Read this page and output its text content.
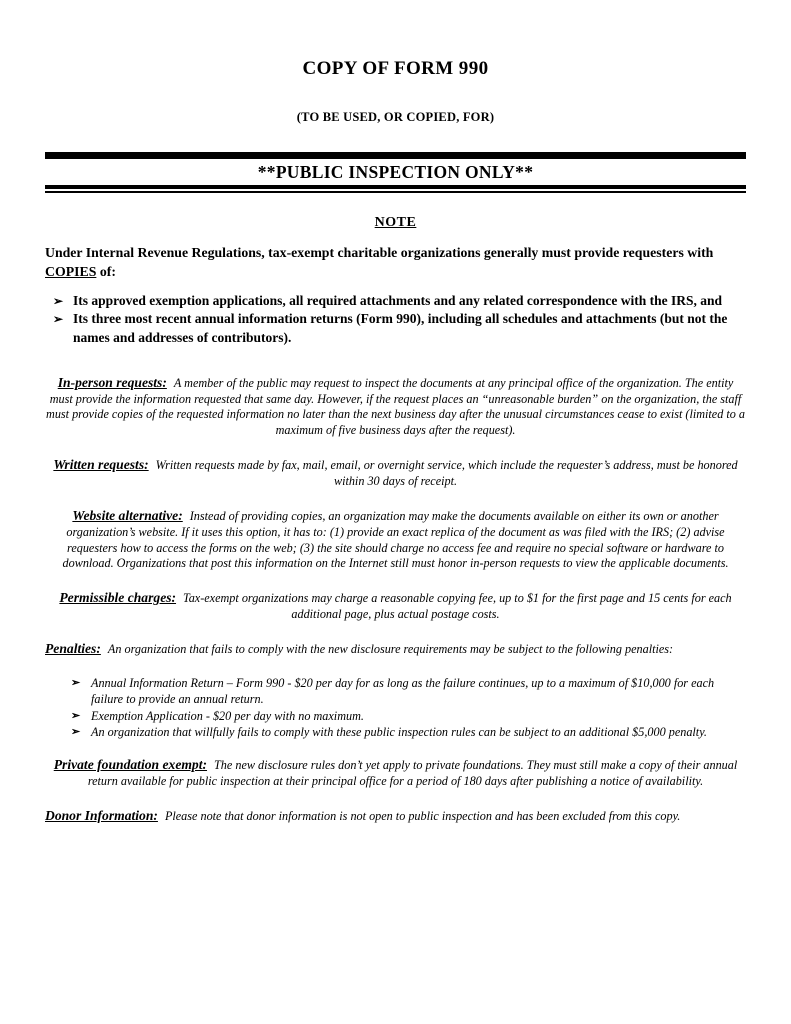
COPY OF FORM 990
(TO BE USED, OR COPIED, FOR)
**PUBLIC INSPECTION ONLY**
NOTE

Under Internal Revenue Regulations, tax-exempt charitable organizations generally must provide requesters with COPIES of:

➢ Its approved exemption applications, all required attachments and any related correspondence with the IRS, and
➢ Its three most recent annual information returns (Form 990), including all schedules and attachments (but not the names and addresses of contributors).

In-person requests: A member of the public may request to inspect the documents at any principal office of the organization. The entity must provide the information requested that same day. However, if the request places an “unreasonable burden” on the organization, the staff must provide copies of the requested information no later than the next business day after the unusual circumstances cease to exist (limited to a maximum of five business days after the request).

Written requests: Written requests made by fax, mail, email, or overnight service, which include the requester’s address, must be honored within 30 days of receipt.

Website alternative: Instead of providing copies, an organization may make the documents available on either its own or another organization’s website. If it uses this option, it has to: (1) provide an exact replica of the document as was filed with the IRS; (2) advise requesters how to access the forms on the web; (3) the site should charge no access fee and require no special software or hardware to download. Organizations that post this information on the Internet still must honor in-person requests to view the applicable documents.

Permissible charges: Tax-exempt organizations may charge a reasonable copying fee, up to $1 for the first page and 15 cents for each additional page, plus actual postage costs.

Penalties: An organization that fails to comply with the new disclosure requirements may be subject to the following penalties:

➢ Annual Information Return – Form 990 - $20 per day for as long as the failure continues, up to a maximum of $10,000 for each failure to provide an annual return.
➢ Exemption Application - $20 per day with no maximum.
➢ An organization that willfully fails to comply with these public inspection rules can be subject to an additional $5,000 penalty.

Private foundation exempt: The new disclosure rules don’t yet apply to private foundations. They must still make a copy of their annual return available for public inspection at their principal office for a period of 180 days after publishing a notice of availability.

Donor Information: Please note that donor information is not open to public inspection and has been excluded from this copy.
